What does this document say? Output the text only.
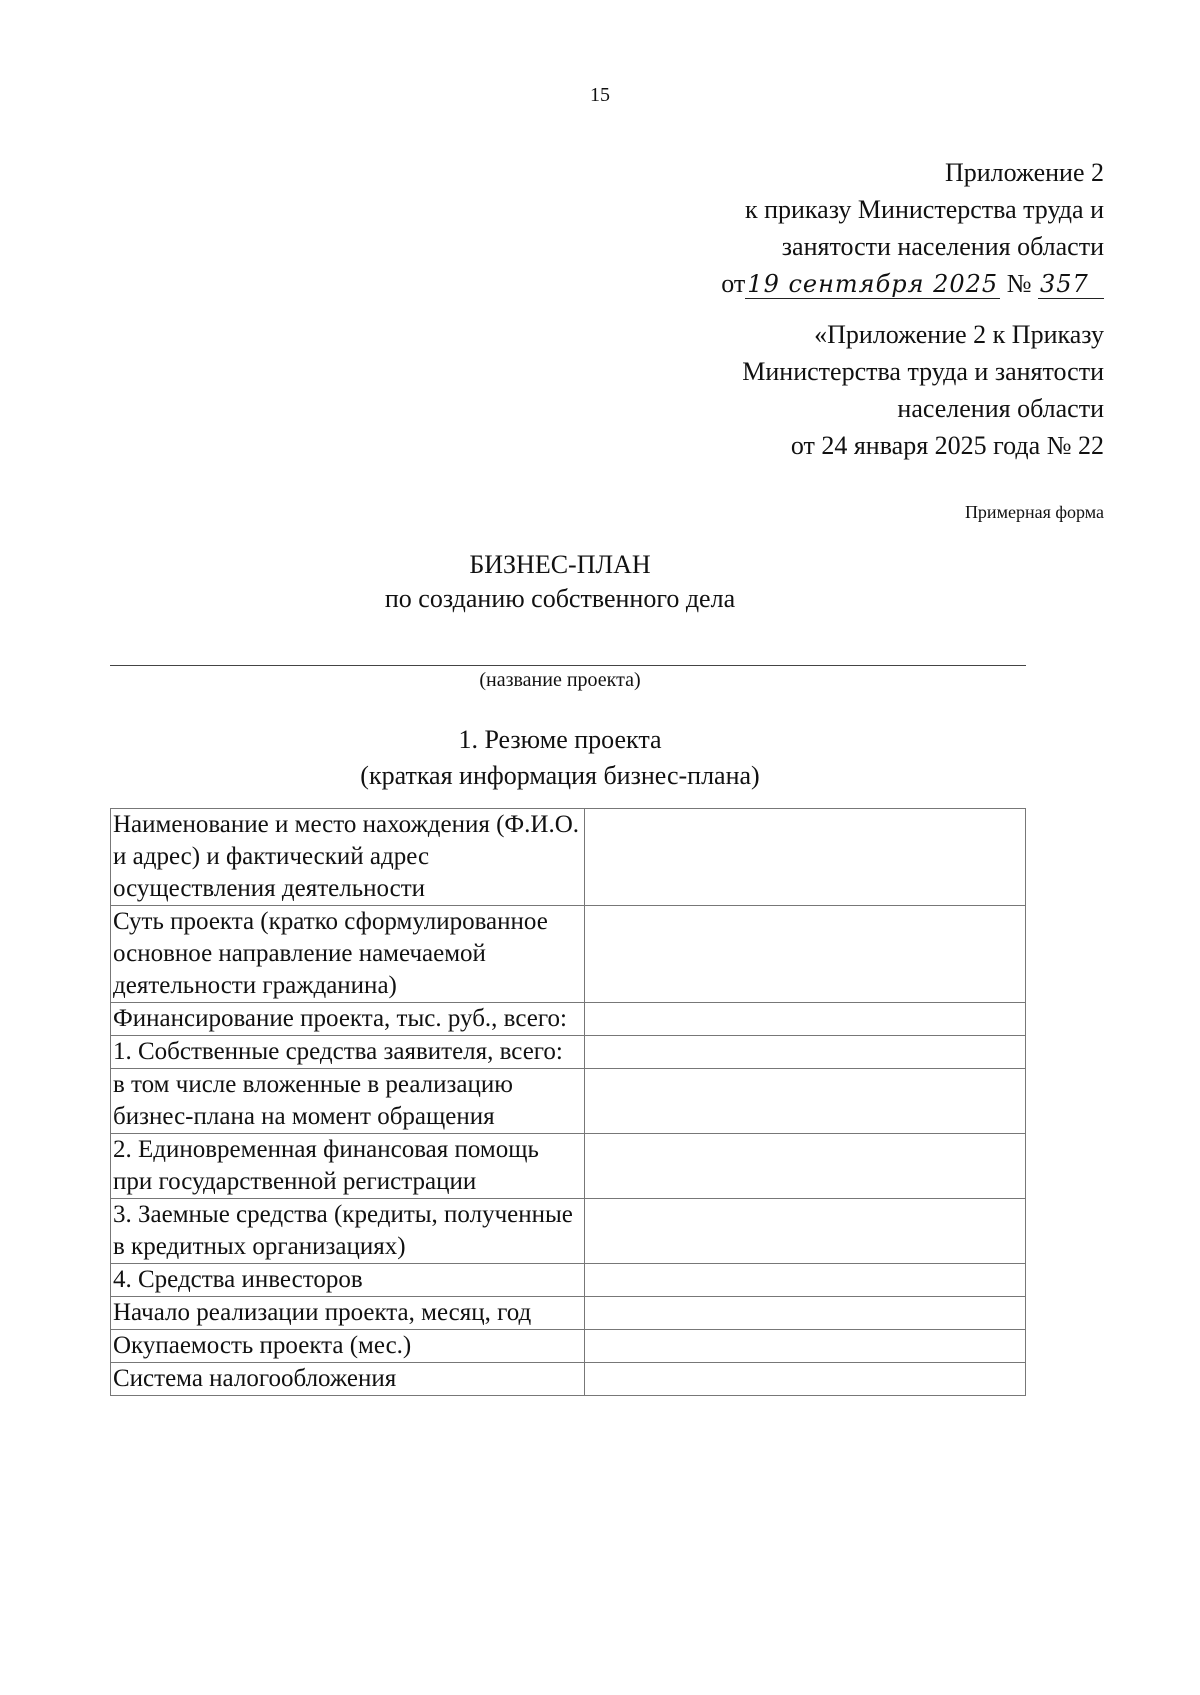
15
Приложение 2
к приказу Министерства труда и
занятости населения области
от19 сентября 2025 № 357
«Приложение 2 к Приказу
Министерства труда и занятости
населения области
от 24 января 2025 года № 22
Примерная форма
БИЗНЕС-ПЛАН
по созданию собственного дела
(название проекта)
1. Резюме проекта
(краткая информация бизнес-плана)
Наименование и место нахождения (Ф.И.О. и адрес) и фактический адрес осуществления деятельности	
Суть проекта (кратко сформулированное основное направление намечаемой деятельности гражданина)	
Финансирование проекта, тыс. руб., всего:	
1. Собственные средства заявителя, всего:	
в том числе вложенные в реализацию бизнес-плана на момент обращения	
2. Единовременная финансовая помощь при государственной регистрации	
3. Заемные средства (кредиты, полученные в кредитных организациях)	
4. Средства инвесторов	
Начало реализации проекта, месяц, год	
Окупаемость проекта (мес.)	
Система налогообложения	
